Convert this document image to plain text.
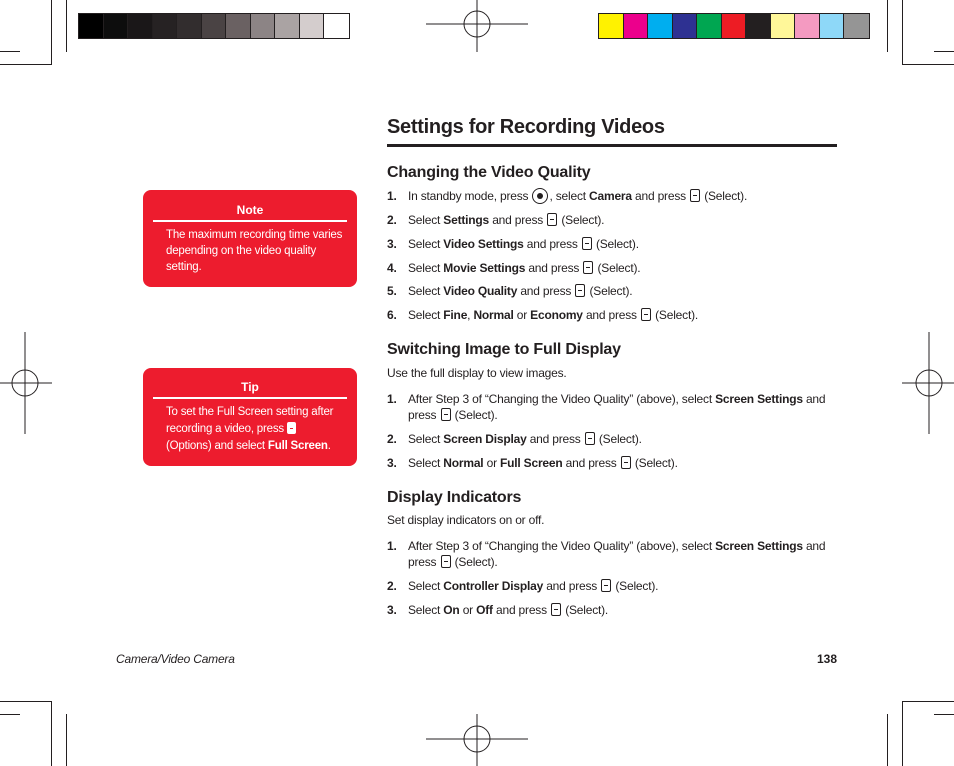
Settings for Recording Videos
Note
The maximum recording time varies
depending on the video quality
setting.
Tip
To set the Full Screen setting after
recording a video, press
(Options) and select Full Screen.
Changing the Video Quality
1. In standby mode, press , select Camera and press (Select).
2. Select Settings and press (Select).
3. Select Video Settings and press (Select).
4. Select Movie Settings and press (Select).
5. Select Video Quality and press (Select).
6. Select Fine, Normal or Economy and press (Select).
Switching Image to Full Display
Use the full display to view images.
1. After Step 3 of “Changing the Video Quality” (above), select Screen Settings and
press (Select).
2. Select Screen Display and press (Select).
3. Select Normal or Full Screen and press (Select).
Display Indicators
Set display indicators on or off.
1. After Step 3 of “Changing the Video Quality” (above), select Screen Settings and
press (Select).
2. Select Controller Display and press (Select).
3. Select On or Off and press (Select).
Camera/Video Camera	138
